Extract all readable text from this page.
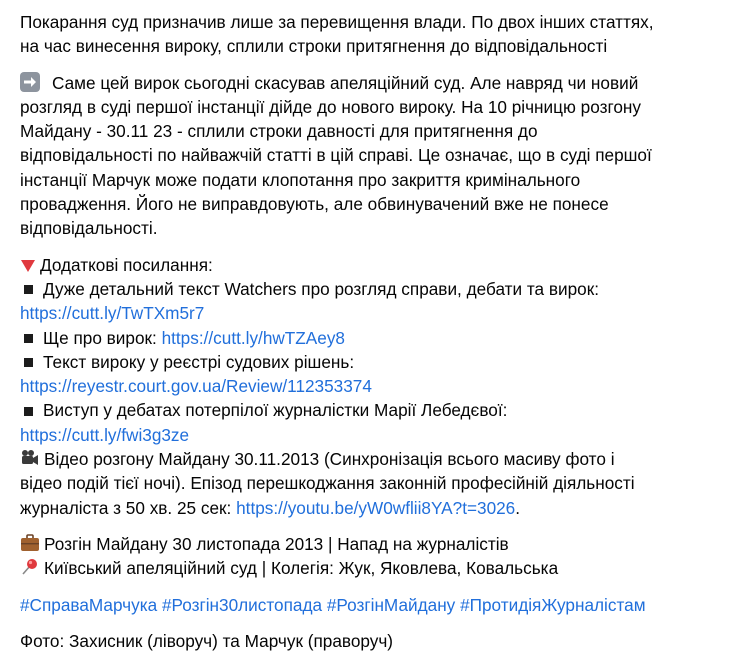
Покарання суд призначив лише за перевищення влади. По двох інших статтях,
на час винесення вироку, сплили строки притягнення до відповідальності
Саме цей вирок сьогодні скасував апеляційний суд. Але навряд чи новий
розгляд в суді першої інстанції дійде до нового вироку. На 10 річницю розгону
Майдану - 30.11 23 - сплили строки давності для притягнення до
відповідальності по найважчій статті в цій справі. Це означає, що в суді першої
інстанції Марчук може подати клопотання про закриття кримінального
провадження. Його не виправдовують, але обвинувачений вже не понесе
відповідальності.
Додаткові посилання:
Дуже детальний текст Watchers про розгляд справи, дебати та вирок:
https://cutt.ly/TwTXm5r7
Ще про вирок: https://cutt.ly/hwTZAey8
Текст вироку у реєстрі судових рішень:
https://reyestr.court.gov.ua/Review/112353374
Виступ у дебатах потерпілої журналістки Марії Лебедєвої:
https://cutt.ly/fwi3g3ze
Відео розгону Майдану 30.11.2013 (Синхронізація всього масиву фото і
відео подій тієї ночі). Епізод перешкоджання законній професійній діяльності
журналіста з 50 хв. 25 сек: https://youtu.be/yW0wflii8YA?t=3026.
Розгін Майдану 30 листопада 2013 | Напад на журналістів
Київський апеляційний суд | Колегія: Жук, Яковлева, Ковальська
#СправаМарчука #Розгін30листопада #РозгінМайдану #ПротидіяЖурналістам
Фото: Захисник (ліворуч) та Марчук (праворуч)
